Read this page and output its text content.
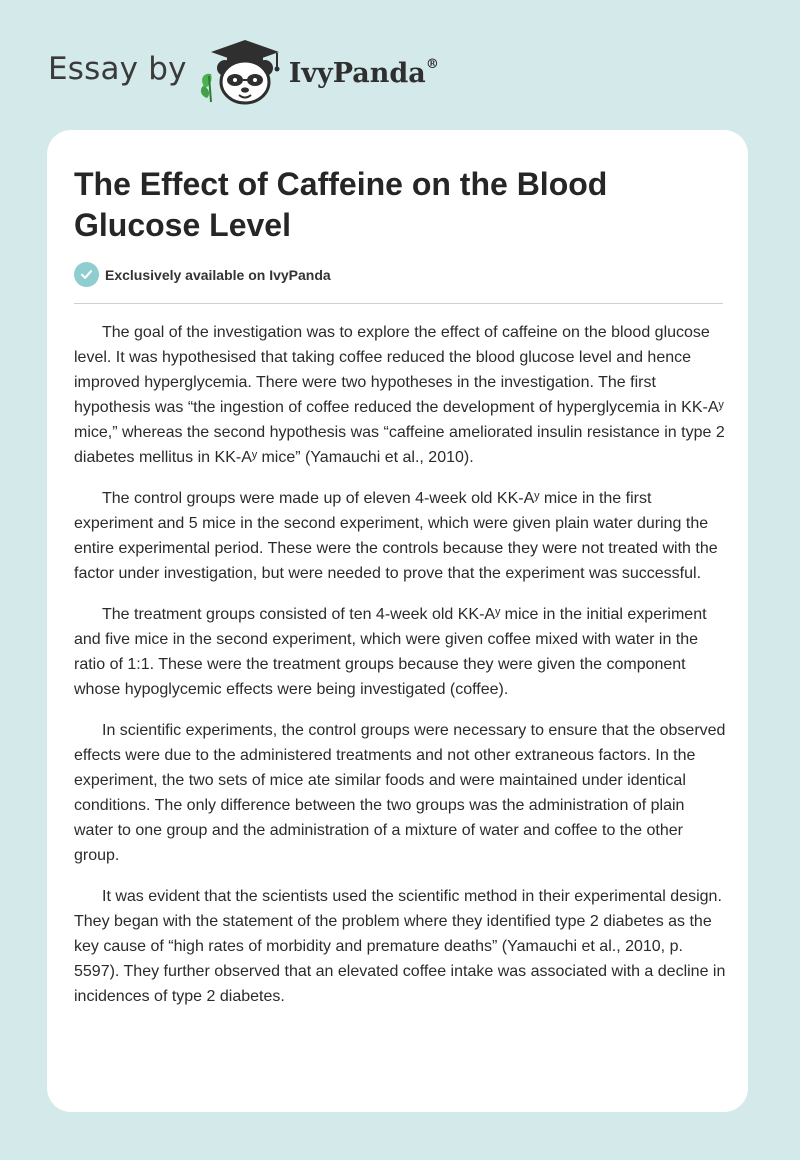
Essay by	IvyPanda®
The Effect of Caffeine on the Blood Glucose Level
Exclusively available on IvyPanda

The goal of the investigation was to explore the effect of caffeine on the blood glucose level. It was hypothesised that taking coffee reduced the blood glucose level and hence improved hyperglycemia. There were two hypotheses in the investigation. The first hypothesis was “the ingestion of coffee reduced the development of hyperglycemia in KK-Aʸ mice,” whereas the second hypothesis was “caffeine ameliorated insulin resistance in type 2 diabetes mellitus in KK-Aʸ mice” (Yamauchi et al., 2010).

The control groups were made up of eleven 4-week old KK-Aʸ mice in the first experiment and 5 mice in the second experiment, which were given plain water during the entire experimental period. These were the controls because they were not treated with the factor under investigation, but were needed to prove that the experiment was successful.

The treatment groups consisted of ten 4-week old KK-Aʸ mice in the initial experiment and five mice in the second experiment, which were given coffee mixed with water in the ratio of 1:1. These were the treatment groups because they were given the component whose hypoglycemic effects were being investigated (coffee).

In scientific experiments, the control groups were necessary to ensure that the observed effects were due to the administered treatments and not other extraneous factors. In the experiment, the two sets of mice ate similar foods and were maintained under identical conditions. The only difference between the two groups was the administration of plain water to one group and the administration of a mixture of water and coffee to the other group.

It was evident that the scientists used the scientific method in their experimental design. They began with the statement of the problem where they identified type 2 diabetes as the key cause of “high rates of morbidity and premature deaths” (Yamauchi et al., 2010, p. 5597). They further observed that an elevated coffee intake was associated with a decline in incidences of type 2 diabetes.
